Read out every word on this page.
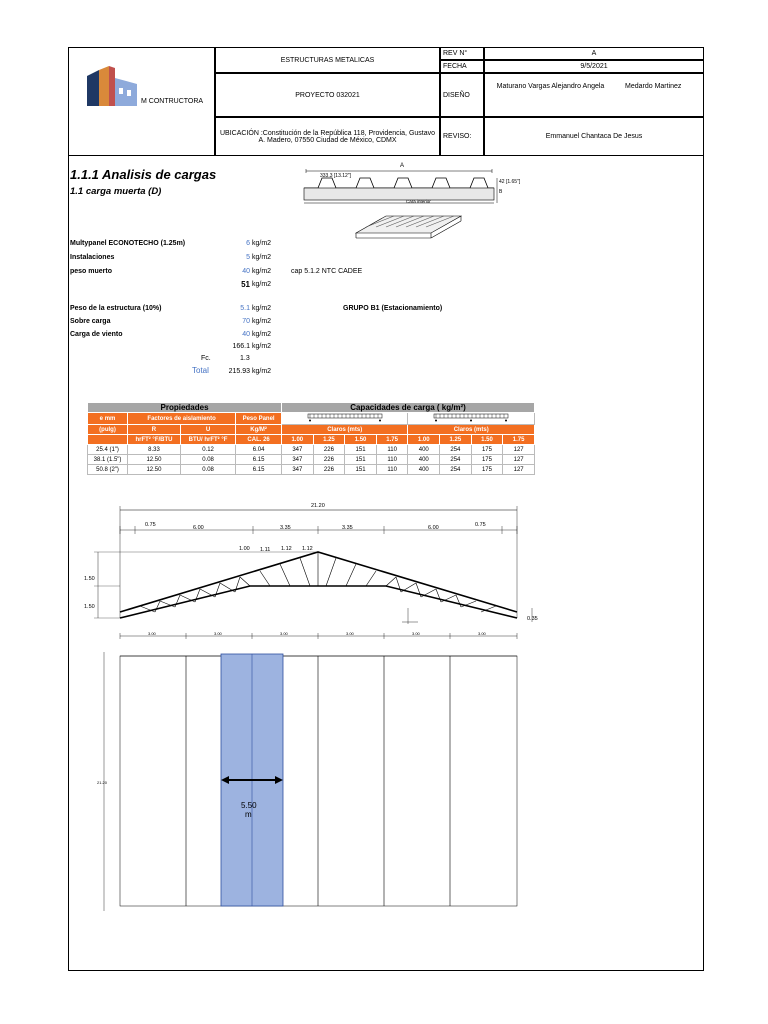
M CONTRUCTORA
ESTRUCTURAS METALICAS
PROYECTO 032021
UBICACIÓN :Constitución de la República 118, Providencia, Gustavo A. Madero, 07550 Ciudad de México, CDMX
REV N°	A
FECHA	9/5/2021
DISEÑO
Maturano Vargas Alejandro Angela	Medardo Martinez
REVISO:	Emmanuel Chantaca De Jesus
1.1.1 Analisis de cargas
1.1 carga muerta (D)
A
333.3 [13.12"]
42 [1.65"]
B
Cara interior
Multypanel ECONOTECHO (1.25m)	6 kg/m2
Instalaciones	5 kg/m2
peso muerto	40 kg/m2	cap 5.1.2 NTC CADEE
51 kg/m2
Peso de la estructura (10%)	5.1 kg/m2	GRUPO B1 (Estacionamiento)
Sobre carga	70 kg/m2
Carga de viento	40 kg/m2
166.1 kg/m2
Fc.	1.3
Total	215.93 kg/m2
Propiedades				Capacidades de carga ( kg/m²)							
e mm	Factores de aislamiento		Peso Panel		
(pulg)	R	U	Kg/M²	Claros (mts)				Claros (mts)			
	hrFT² °F/BTU	BTU/ hrFT² °F	CAL. 26	1.00	1.25	1.50	1.75	1.00	1.25	1.50	1.75
25.4 (1")	8.33	0.12	6.04	347	226	151	110	400	254	175	127
38.1 (1.5")	12.50	0.08	6.15	347	226	151	110	400	254	175	127
50.8 (2")	12.50	0.08	6.15	347	226	151	110	400	254	175	127
21.20
0.75	6.00	3.35	3.35	6.00	0.75
1.00 1.11 1.12 1.12
1.50
1.50
0.35
3.00	3.00	3.00	3.00	3.00	3.00
21.20
5.50
m
